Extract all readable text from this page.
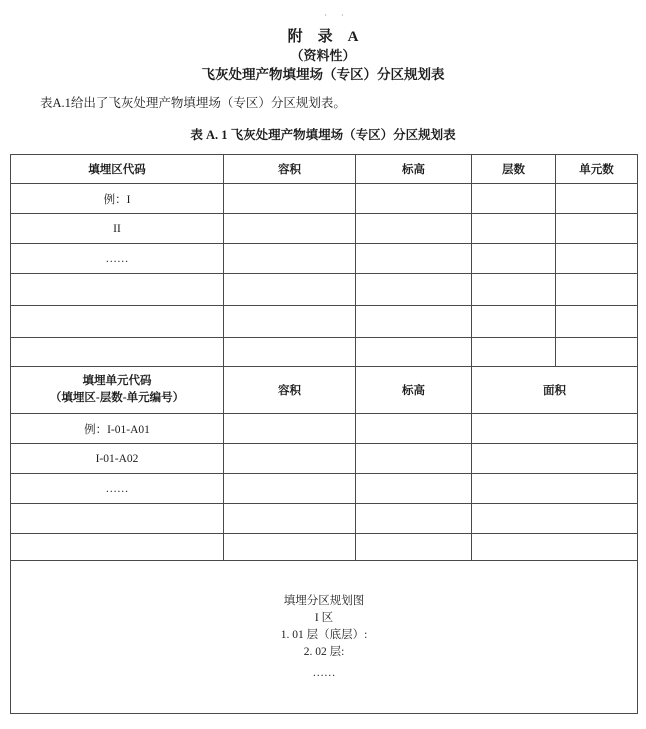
· ·
附　录　A
（资料性）
飞灰处理产物填埋场（专区）分区规划表
表A.1给出了飞灰处理产物填埋场（专区）分区规划表。
表 A. 1 飞灰处理产物填埋场（专区）分区规划表
填埋区代码	容积	标高	层数	单元数
例：I				
II				
……				

填埋单元代码
（填埋区-层数-单元编号）	容积	标高	面积	
例：I-01-A01				
I-01-A02				
……				

填埋分区规划图
I 区
1. 01 层（底层）:
2. 02 层:
……				
